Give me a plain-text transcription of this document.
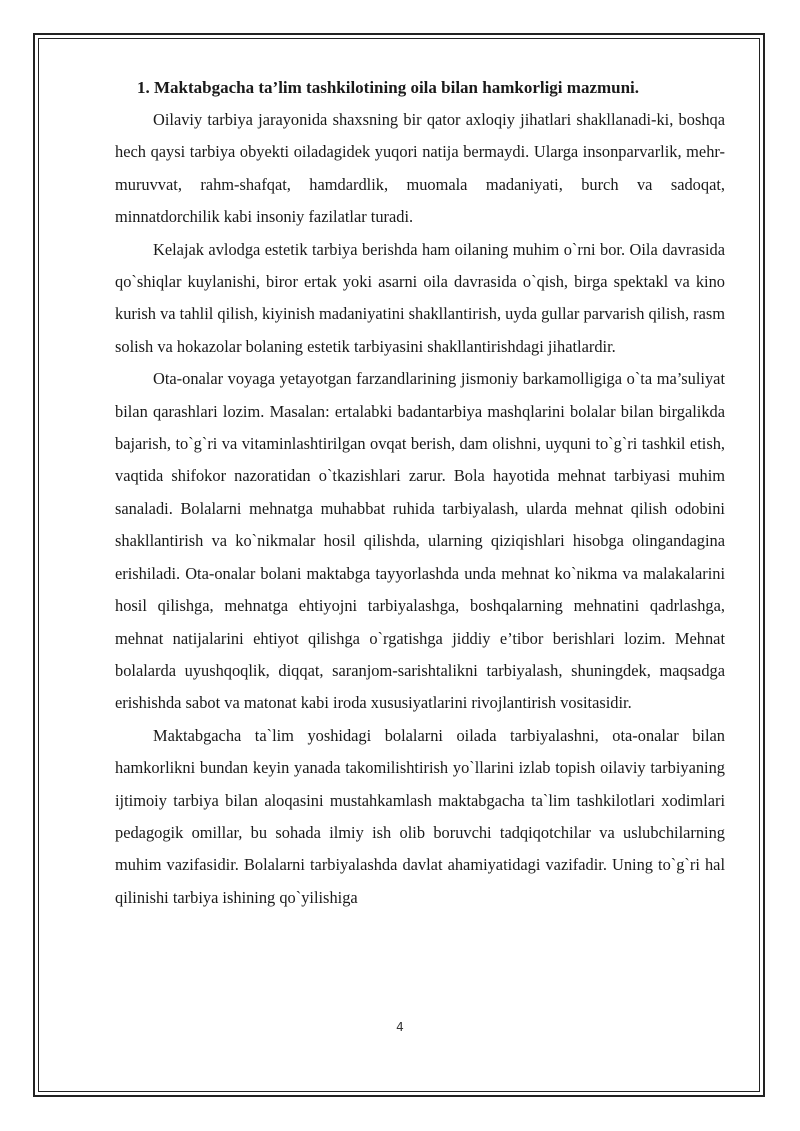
1. Maktabgacha ta’lim tashkilotining oila bilan hamkorligi mazmuni.

Oilaviy tarbiya jarayonida shaxsning bir qator axloqiy jihatlari shakllanadi-ki, boshqa hech qaysi tarbiya obyekti oiladagidek yuqori natija bermaydi. Ularga insonparvarlik, mehr-muruvvat, rahm-shafqat, hamdardlik, muomala madaniyati, burch va sadoqat, minnatdorchilik kabi insoniy fazilatlar turadi.

Kelajak avlodga estetik tarbiya berishda ham oilaning muhim o`rni bor. Oila davrasida qo`shiqlar kuylanishi, biror ertak yoki asarni oila davrasida o`qish, birga spektakl va kino kurish va tahlil qilish, kiyinish madaniyatini shakllantirish, uyda gullar parvarish qilish, rasm solish va hokazolar bolaning estetik tarbiyasini shakllantirishdagi jihatlardir.

Ota-onalar voyaga yetayotgan farzandlarining jismoniy barkamolligiga o`ta ma’suliyat bilan qarashlari lozim. Masalan: ertalabki badantarbiya mashqlarini bolalar bilan birgalikda bajarish, to`g`ri va vitaminlashtirilgan ovqat berish, dam olishni, uyquni to`g`ri tashkil etish, vaqtida shifokor nazoratidan o`tkazishlari zarur. Bola hayotida mehnat tarbiyasi muhim sanaladi. Bolalarni mehnatga muhabbat ruhida tarbiyalash, ularda mehnat qilish odobini shakllantirish va ko`nikmalar hosil qilishda, ularning qiziqishlari hisobga olingandagina erishiladi. Ota-onalar bolani maktabga tayyorlashda unda mehnat ko`nikma va malakalarini hosil qilishga, mehnatga ehtiyojni tarbiyalashga, boshqalarning mehnatini qadrlashga, mehnat natijalarini ehtiyot qilishga o`rgatishga jiddiy e’tibor berishlari lozim. Mehnat bolalarda uyushqoqlik, diqqat, saranjom-sarishtalikni tarbiyalash, shuningdek, maqsadga erishishda sabot va matonat kabi iroda xususiyatlarini rivojlantirish vositasidir.

Maktabgacha ta`lim yoshidagi bolalarni oilada tarbiyalashni, ota-onalar bilan hamkorlikni bundan keyin yanada takomilishtirish yo`llarini izlab topish oilaviy tarbiyaning ijtimoiy tarbiya bilan aloqasini mustahkamlash maktabgacha ta`lim tashkilotlari xodimlari pedagogik omillar, bu sohada ilmiy ish olib boruvchi tadqiqotchilar va uslubchilarning muhim vazifasidir. Bolalarni tarbiyalashda davlat ahamiyatidagi vazifadir. Uning to`g`ri hal qilinishi tarbiya ishining qo`yilishiga

4
